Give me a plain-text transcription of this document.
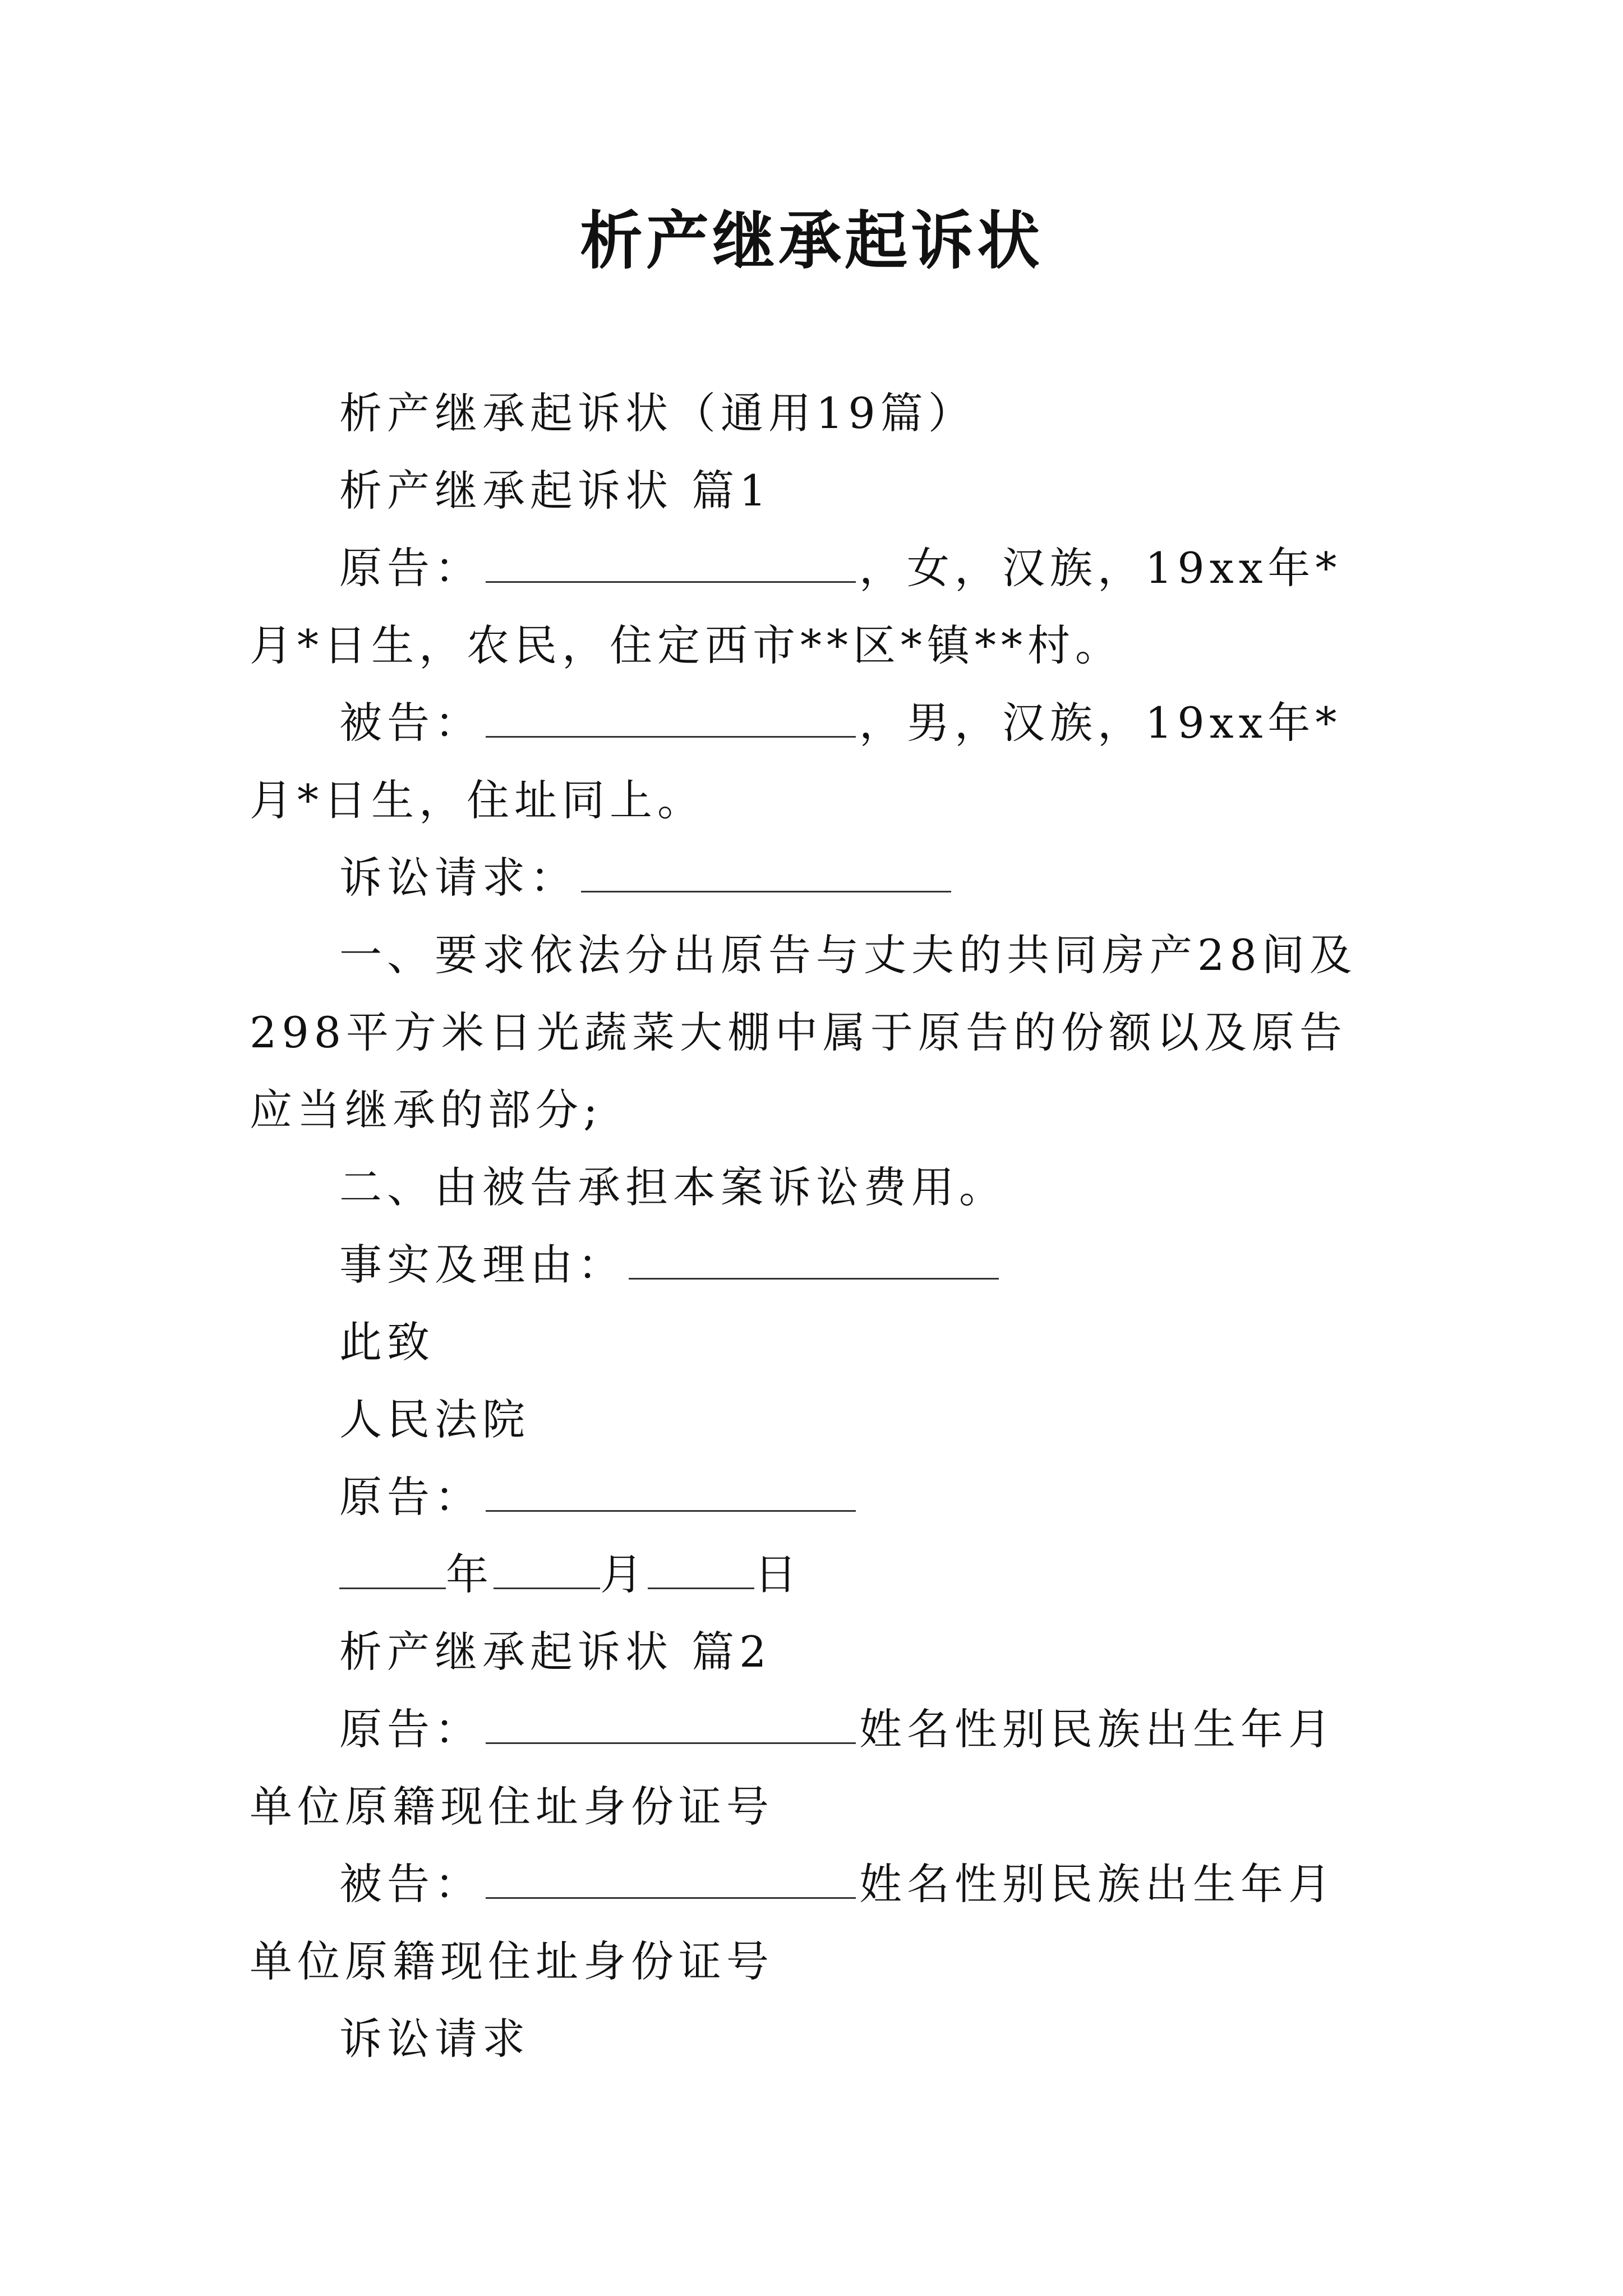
析产继承起诉状

析产继承起诉状（通用19篇）

析产继承起诉状 篇1

原告：	，女，汉族，19xx年*月*日生，农民，住定西市**区*镇**村。

被告：	，男，汉族，19xx年*月*日生，住址同上。

诉讼请求：

一、要求依法分出原告与丈夫的共同房产28间及298平方米日光蔬菜大棚中属于原告的份额以及原告应当继承的部分;

二、由被告承担本案诉讼费用。

事实及理由：

此致

人民法院

原告：

年	月	日

析产继承起诉状 篇2

原告：	姓名性别民族出生年月单位原籍现住址身份证号

被告：	姓名性别民族出生年月单位原籍现住址身份证号

诉讼请求
